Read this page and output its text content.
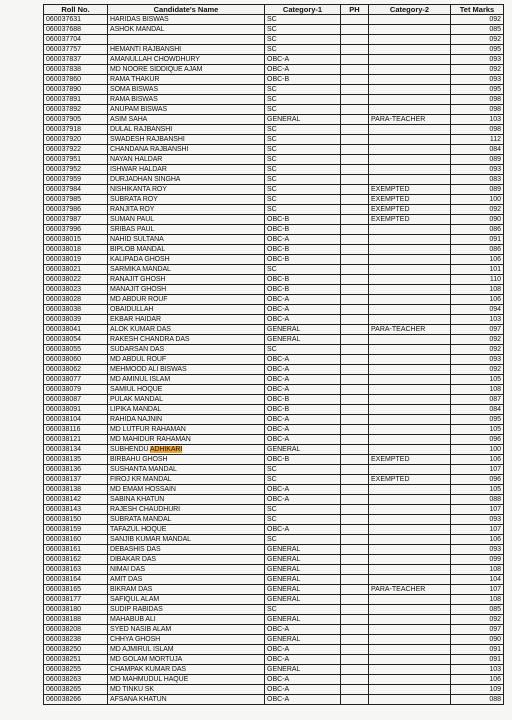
Roll No.	Candidate's Name	Category-1	PH	Category-2	Tet Marks
060037631	HARIDAS BISWAS	SC			092
060037688	ASHOK MANDAL	SC			085
060037704		SC			092
060037757	HEMANTI RAJBANSHI	SC			095
060037837	AMANULLAH CHOWDHURY	OBC-A			093
060037838	MD NOORE SIDDIQUE AJAM	OBC-A			092
060037860	RAMA THAKUR	OBC-B			093
060037890	SOMA BISWAS	SC			095
060037891	RAMA BISWAS	SC			098
060037892	ANUPAM BISWAS	SC			098
060037905	ASIM SAHA	GENERAL		PARA-TEACHER	103
060037918	DULAL RAJBANSHI	SC			098
060037920	SWADESH RAJBANSHI	SC			112
060037922	CHANDANA RAJBANSHI	SC			084
060037951	NAYAN HALDAR	SC			089
060037952	ISHWAR HALDAR	SC			093
060037959	DURJADHAN SINGHA	SC			083
060037984	NISHIKANTA ROY	SC		EXEMPTED	089
060037985	SUBRATA ROY	SC		EXEMPTED	100
060037986	RANJITA ROY	SC		EXEMPTED	092
060037987	SUMAN PAUL	OBC-B		EXEMPTED	090
060037996	SRIBAS PAUL	OBC-B			086
060038015	NAHID SULTANA	OBC-A			091
060038018	BIPLOB MANDAL	OBC-B			086
060038019	KALIPADA GHOSH	OBC-B			106
060038021	SARMIKA MANDAL	SC			101
060038022	RANAJIT GHOSH	OBC-B			110
060038023	MANAJIT GHOSH	OBC-B			108
060038028	MD ABDUR ROUF	OBC-A			106
060038038	OBAIDULLAH	OBC-A			094
060038039	EKBAR HAIDAR	OBC-A			103
060038041	ALOK KUMAR DAS	GENERAL		PARA-TEACHER	097
060038054	RAKESH CHANDRA DAS	GENERAL			092
060038055	SUDARSAN DAS	SC			092
060038060	MD ABDUL ROUF	OBC-A			093
060038062	MEHMOOD ALI BISWAS	OBC-A			092
060038077	MD AMINUL ISLAM	OBC-A			105
060038079	SAMIUL HOQUE	OBC-A			108
060038087	PULAK MANDAL	OBC-B			087
060038091	LIPIKA MANDAL	OBC-B			084
060038104	RAHIDA NAJNIN	OBC-A			095
060038116	MD LUTFUR RAHAMAN	OBC-A			105
060038121	MD MAHIDUR RAHAMAN	OBC-A			096
060038134	SUBHENDU ADHIKARI	GENERAL			100
060038135	BIRBAHU GHOSH	OBC-B		EXEMPTED	106
060038136	SUSHANTA MANDAL	SC			107
060038137	FIROJ KR MANDAL	SC		EXEMPTED	096
060038138	MD EMAM HOSSAIN	OBC-A			105
060038142	SABINA KHATUN	OBC-A			088
060038143	RAJESH CHAUDHURI	SC			107
060038150	SUBRATA MANDAL	SC			093
060038159	TAFAZUL HOQUE	OBC-A			107
060038160	SANJIB KUMAR MANDAL	SC			106
060038161	DEBASHIS DAS	GENERAL			093
060038162	DIBAKAR DAS	GENERAL			099
060038163	NIMAI DAS	GENERAL			108
060038164	AMIT DAS	GENERAL			104
060038165	BIKRAM DAS	GENERAL		PARA-TEACHER	107
060038177	SAFIQUL ALAM	GENERAL			108
060038180	SUDIP RABIDAS	SC			085
060038188	MAHABUB ALI	GENERAL			092
060038208	SYED NASIB ALAM	OBC-A			097
060038238	CHHYA GHOSH	GENERAL			090
060038250	MD AJMIRUL ISLAM	OBC-A			091
060038251	MD GOLAM MORTUJA	OBC-A			091
060038255	CHAMPAK KUMAR DAS	GENERAL			103
060038263	MD MAHMUDUL HAQUE	OBC-A			106
060038265	MD TINKU SK	OBC-A			109
060038266	AFSANA KHATUN	OBC-A			088
